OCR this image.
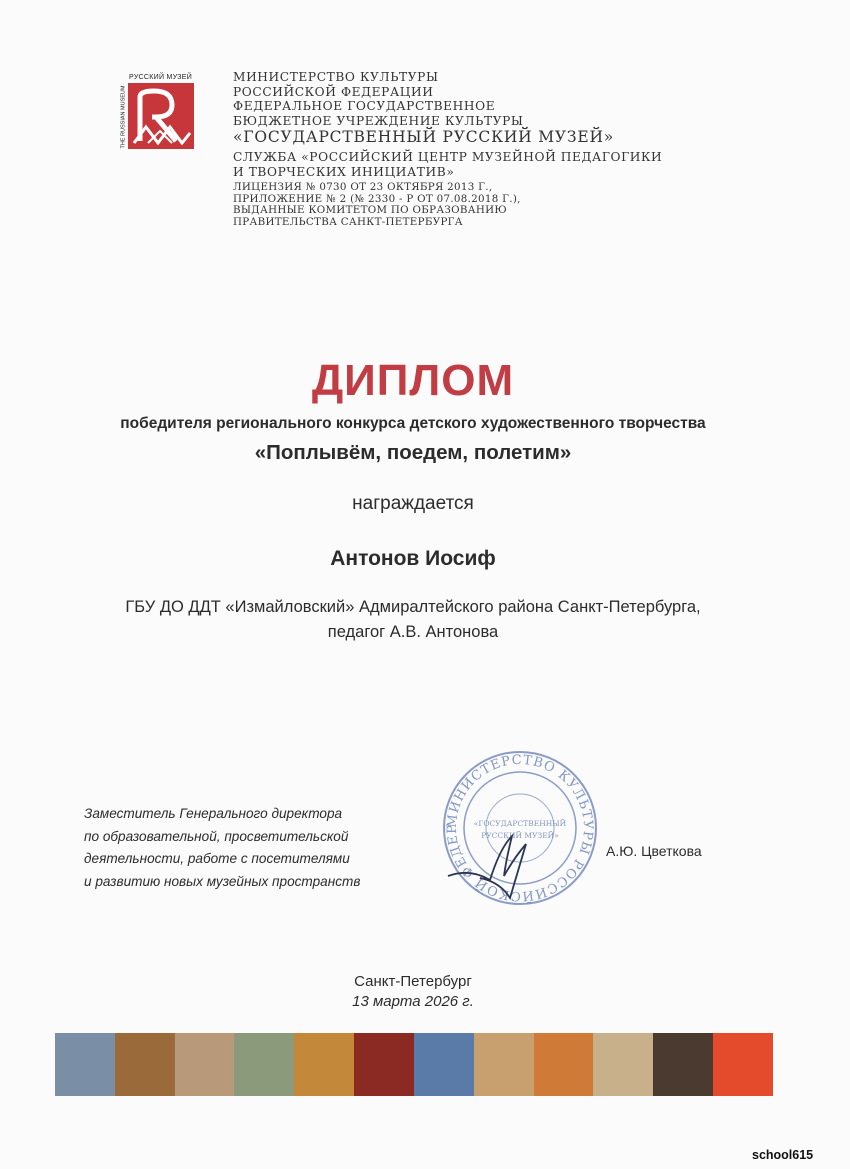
РУССКИЙ МУЗЕЙ
THE RUSSIAN MUSEUM
МИНИСТЕРСТВО КУЛЬТУРЫ
РОССИЙСКОЙ ФЕДЕРАЦИИ
ФЕДЕРАЛЬНОЕ ГОСУДАРСТВЕННОЕ
БЮДЖЕТНОЕ УЧРЕЖДЕНИЕ КУЛЬТУРЫ
«ГОСУДАРСТВЕННЫЙ РУССКИЙ МУЗЕЙ»
СЛУЖБА «РОССИЙСКИЙ ЦЕНТР МУЗЕЙНОЙ ПЕДАГОГИКИ
И ТВОРЧЕСКИХ ИНИЦИАТИВ»
ЛИЦЕНЗИЯ № 0730 ОТ 23 ОКТЯБРЯ 2013 Г.,
ПРИЛОЖЕНИЕ № 2 (№ 2330 - Р ОТ 07.08.2018 Г.),
ВЫДАННЫЕ КОМИТЕТОМ ПО ОБРАЗОВАНИЮ
ПРАВИТЕЛЬСТВА САНКТ-ПЕТЕРБУРГА
ДИПЛОМ
победителя регионального конкурса детского художественного творчества
«Поплывём, поедем, полетим»
награждается
Антонов Иосиф
ГБУ ДО ДДТ «Измайловский» Адмиралтейского района Санкт-Петербурга,
педагог А.В. Антонова
Заместитель Генерального директора
по образовательной, просветительской
деятельности, работе с посетителями
и развитию новых музейных пространств
МИНИСТЕРСТВО КУЛЬТУРЫ РОССИЙСКОЙ ФЕДЕР
«ГОСУДАРСТВЕННЫЙ
РУССКИЙ МУЗЕЙ»
А.Ю. Цветкова
Санкт-Петербург
13 марта 2026 г.
school615
